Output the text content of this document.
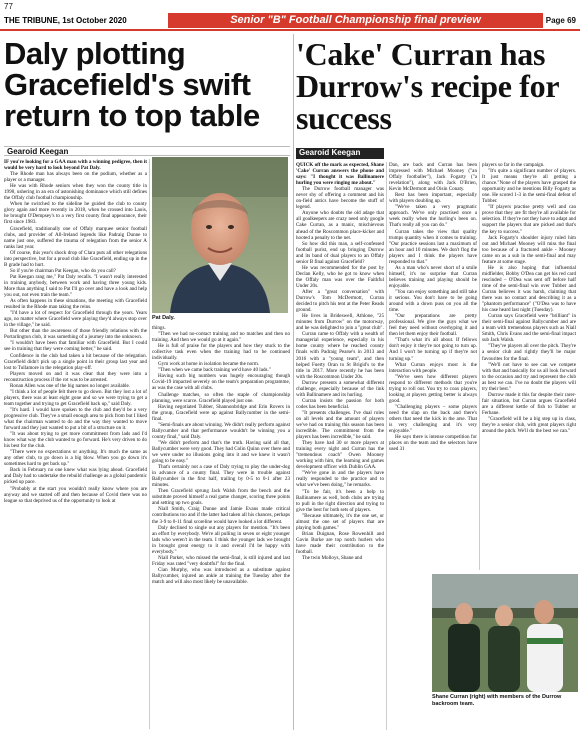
77
THE TRIBUNE, 1st October 2020	Senior "B" Football Championship final preview	Page 69
Daly plotting Gracefield's swift return to top table
Gearoid Keegan

IF you're looking for a GAA man with a winning pedigree, then it would be very hard to look beyond Pat Daly.

The Rhode man has always been on the podium, whether as a player or a manager.

He was with Rhode seniors when they won the county title in 1998, ushering in an era of astonishing dominance which still defines the Offaly club football championship.

When he switched to the sideline he guided the club to county glory again and more recently in 2018, when he crossed into Laois, he brought O'Dempsey's to a very first county final appearance, their first since 1983.

Gracefield, traditionally one of Offaly marquee senior football clubs, and provider of All-Ireland legends like Padraig Dunne to name just one, suffered the trauma of relegation from the senior A ranks last year.

Of course, this year's shock drop of Clara puts all other relegations into perspective, but for a proud club like Gracefield, ending up in the B grade had to hurt.

So if you're chairman Pat Keegan, who do you call?

Pat Keegan rang me," Pat Daly recalls. "I wasn't really interested in training anybody, between work and having three young kids. More than anything I said to Pat I'll go over and have a look and help you out, not even train the team."

As often happens in these situations, the meeting with Gracefield resulted in the Rhode man taking the reins.

"I'd have a lot of respect for Gracefield through the years. Years ago, no matter where Gracefield were playing they'd always stop over in the village," he said.

But other than the awareness of those friendly relations with the Portarlington club, it was something of a journey into the unknown.

"I wouldn't have been that familiar with Gracefield. But I could see in training that they were coming better," he said.

Confidence in the club had taken a hit because of the relegation. Gracefield didn't pick up a single point in their group last year and lost to Tullamore in the relegation play-off.

Players moved on and it was clear that they were into a reconstruction process if the rot was to be arrested.

Ronan Allen was one of the big names no longer available.

"I think a lot of people felt there to go down. But they lost a lot of players, there was at least eight gone and so we were trying to get a team together and trying to get Gracefield back up," said Daly.

"It's hard. I would have spoken to the club and they'd be a very progressive club. They've a small enough area to pick from but I liked what the chairman wanted to do and the way they wanted to move forward and they just wanted to put a bit of a structure on it.

"It was about trying to get more commitment from lads and I'd know what way the club wanted to go forward. He's very driven to do his best for the club.

"There were no expectations or anything. It's much the same as any other club, to go down is a big blow. When you go down it's sometimes hard to get back up."

Back in February no one knew what was lying ahead. Gracefield and Daly had to undertake the rebuild challenge as a global pandemic picked up pace.

"Probably at the start you wouldn't really know where you are anyway and we started off and then because of Covid there was no league so that deprived us of the opportunity to look at

Pat Daly.

things.

"Then we had no-contact training and no matches and then no training. And then we would go at it again."

He is full of praise for the players and how they stuck to the collective task even when the training had to be continued individually.

Gym work at home in isolation became the norm.

"Then when we came back training we'd have 40 lads."

Having such big numbers was hugely encouraging though Covid-19 impacted severely on the team's preparation programme, as was the case with all clubs.

Challenge matches, so often the staple of championship planning, were scarce. Gracefield played just one.

Having negotiated Tubber, Shannonbridge and Erin Rovers in the group, Gracefield were up against Ballycumber in the semi-final.

"Semi-finals are about winning. We didn't really perform against Ballycumber and that performance wouldn't be winning you a county final," said Daly.

"We didn't perform and that's the truth. Having said all that, Ballycumber were very good. They had Colin Quinn over there and we were under no illusions going into it and we knew it wasn't going to be easy."

That's certainly not a case of Daly trying to play the under-dog in advance of a county final. They were in trouble against Ballycumber in the first half, trailing by 0-5 to 0-1 after 23 minutes.

Then Gracefield sprung Jack Walsh from the bench and the substitute proved himself a real game changer, scoring three points and setting up two goals.

Niall Smith, Craig Dunne and Jamie Evans made critical contributions too and if the latter had taken all his chances, perhaps the 3-9 to 0-11 final scoreline would have looked a lot different.

Daly declined to single out any players for mention. "It's been an effort by everybody. We're all pulling in seven or eight younger lads who weren't in the team. I think the younger lads we brought in brought great energy to it and overall I'd be happy with everybody."

Niall Parker, who missed the semi-final, is still injured and last Friday was rated "very doubtful" for the final.

Cian Murphy, who was introduced as a substitute against Ballycumber, injured an ankle at training the Tuesday after the match and will also most likely be unavailable.

'Cake' Curran has Durrow's recipe for success
Gearoid Keegan

QUICK off the mark as expected, Shane 'Cake' Curran answers the phone and says: "I thought it was Ballinamere hurling you were ringing me about."

The Durrow football manager was never shy of offering a comment and his on-field antics have become the stuff of legend.

Anyone who doubts the old adage that all goalkeepers are crazy need only google Cake Curran, as a manic, mischievous ahead of the Roscommon place-kicker and hooted a penalty to the net.

So how did this man, a self-confessed football purist, end up bringing Durrow and its band of dual players to an Offaly senior B final against Gracefield?

He was recommended for the post by Declan Kelly, who he got to know when the Offaly man was over the Faithful Under 20s.

After a "great conversation" with Durrow's Tom McDermott, Curran decided to pitch his tent at the Peter Reads ground.

He lives in Brideswell, Athlone, "25 minutes from Durrow" on the motorway, and he was delighted to join a "great club".

Curran came to Offaly with a wealth of managerial experience, especially in his home county where he reached county finals with Padraig Pearse's in 2013 and 2016 with a "young team", and then helped Fuerty Oran to St Brigid's to the title in 2017. More recently he has been with the Roscommon Under 20s.

Durrow presents a somewhat different challenge, especially because of the link with Ballinamere and its hurling.

Curran insists the passion for both codes has been beneficial.

"It presents challenges. I've dual roles on all levels and the amount of players we've had on training this season has been incredible. The commitment from the players has been incredible," he said.

They have had 30 or more players at training every night and Curran has the "tremendous coach" Owen Mooney working with him, the learning and games development officer with Dublin GAA.

"We've gone in and the players have really responded to the practice and to what we've been doing," he remarks.

"To be fair, it's been a help to Ballinamere as well, both clubs are trying to pull in the right direction and trying to give the best for both sets of players.

"Because ultimately, it's the one set, or almost the one set of players that are playing both games."

Brian Duignan, Rose Rowenhill and Gavin Burke are top notch hurlers who have made their contribution to the football.

The twin Molloys, Shane and

Dan, are back and Curran has been impressed with Michael Mooney ("an Offaly footballer"), Jack Fogarty ("a revelation"), along with Jack O'Brien, Kevin McDermott and Oisin Conaty.

Rest has been important, especially with players doubling up.

"We've taken a very pragmatic approach. We've only practised once a week really when the hurling's been on. That's really all you can do."

Curran takes the view that quality trumps quantity when it comes to training. "Our practice sessions last a maximum of an hour and 10 minutes. We don't flog the players and I think the players have responded to that."

As a man who's never short of a smile himself, it's no surprise that Curran believes training and playing should be enjoyable.

"You can enjoy something and still take it serious. You don't have to be going around with a down puss on you all the time.

"Our preparations are pretty professional. We give the guys what we feel they need without overhyping it and then let them enjoy their football.

"That's what it's all about. If fellows don't enjoy it they're not going to turn up. And I won't be turning up if they're not turning up."

What Curran enjoys most is the interaction with people.

"We've seen how different players respond to different methods that you're trying to roll out. You try to coax players, looking at players getting better is always good.

"Challenging players – some players need the slap on the back and there's others that need the kick in the arse. That is very challenging and it's very enjoyable."

He says there is intense competition for places on the team and the selectors have used 31

players so far in the campaign.

"It's quite a significant number of players. It just means they're all getting a chance."None of the players have grasped the opportunity and he mentions Billy Fogarty as one. He scored 1-3 in the semi-final defeat of Tubber.

"If players practise pretty well and can prove that they are fit they're all available for selection. If they're not they have to adapt and support the players that are picked and that's the key to success."

Jack Fogarty's shoulder injury ruled him out and Michael Mooney will miss the final too because of a fractured ankle - Mooney came on as a sub in the semi-final and may feature at some stage.

He is also hoping that influential midfielder, Bobby O'Dea can get his red card rescinded – O'Dea was sent off before half time of the semi-final win over Tubber and Curran believes it was harsh, claiming that there was no contact and describing it as a "phantom performance" ("O'Dea was to have his case heard last night (Tuesday).

Curran says Gracefield were "brilliant" in their semi-final against Ballycumber and are a team with tremendous players such as Niall Smith, Chris Evans and the semi-final impact sub Jack Walsh.

"They've players all over the pitch. They're a senior club and rightly they'll be major favourites for the final.

"We'll not have to see can we compete with that and basically for us all look forward to the occasion and try and represent the club as best we can. I've no doubt the players will try their best."

Durrow made it this far despite their rarer-fair situation, but Curran argues Gracefield are a different kettle of fish to Tubber or Ferbane.

"Gracefield will be a big step up in class, they're a senior club, with great players right around the pitch. We'll do the best we can."

Shane Curran (right) with members of the Durrow backroom team.
